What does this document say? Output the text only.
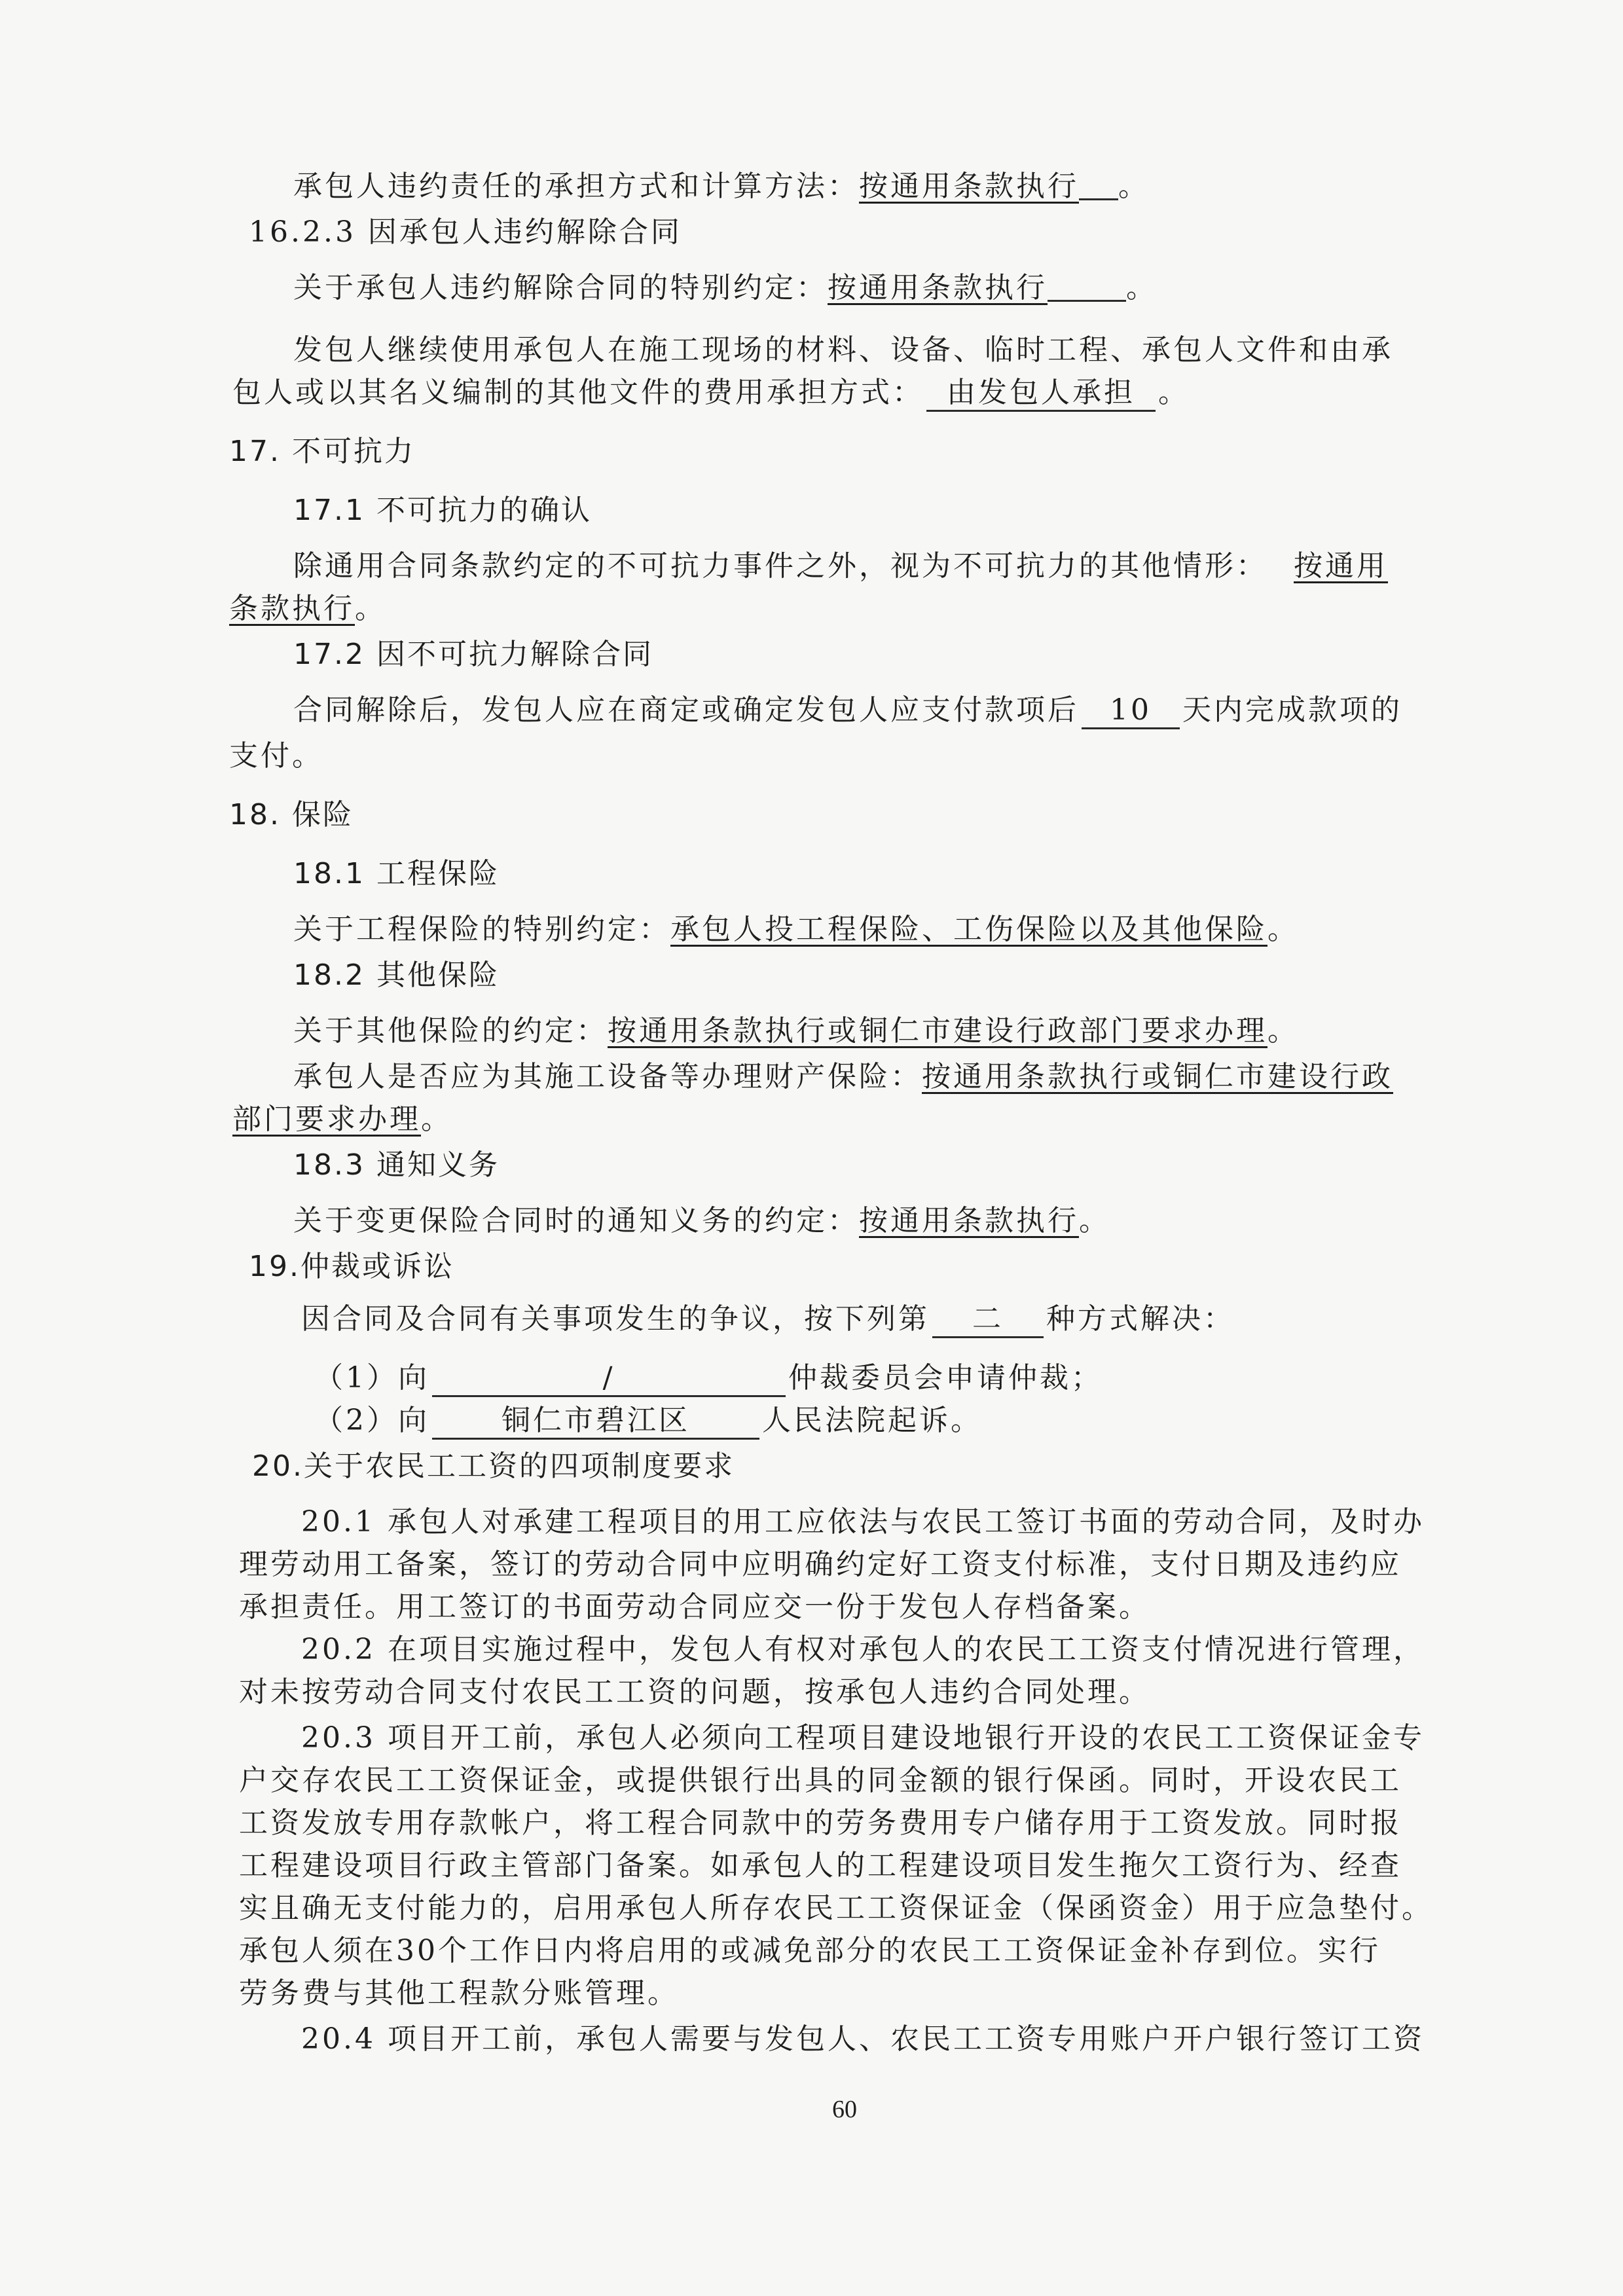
承包人违约责任的承担方式和计算方法：按通用条款执行 。
16.2.3 因承包人违约解除合同
关于承包人违约解除合同的特别约定：按通用条款执行	。
发包人继续使用承包人在施工现场的材料、设备、临时工程、承包人文件和由承
包人或以其名义编制的其他文件的费用承担方式： 由发包人承担 。
17. 不可抗力
17.1 不可抗力的确认
除通用合同条款约定的不可抗力事件之外，视为不可抗力的其他情形： 按通用
条款执行。
17.2 因不可抗力解除合同
合同解除后，发包人应在商定或确定发包人应支付款项后 10 天内完成款项的
支付。
18. 保险
18.1 工程保险
关于工程保险的特别约定：承包人投工程保险、工伤保险以及其他保险。
18.2 其他保险
关于其他保险的约定：按通用条款执行或铜仁市建设行政部门要求办理。
承包人是否应为其施工设备等办理财产保险：按通用条款执行或铜仁市建设行政
部门要求办理。
18.3 通知义务
关于变更保险合同时的通知义务的约定：按通用条款执行。
19.仲裁或诉讼
因合同及合同有关事项发生的争议，按下列第 二 种方式解决：
（1）向	/	仲裁委员会申请仲裁；
（2）向	铜仁市碧江区	人民法院起诉。
20.关于农民工工资的四项制度要求
20.1 承包人对承建工程项目的用工应依法与农民工签订书面的劳动合同，及时办
理劳动用工备案，签订的劳动合同中应明确约定好工资支付标准，支付日期及违约应
承担责任。用工签订的书面劳动合同应交一份于发包人存档备案。
20.2 在项目实施过程中，发包人有权对承包人的农民工工资支付情况进行管理，
对未按劳动合同支付农民工工资的问题，按承包人违约合同处理。
20.3 项目开工前，承包人必须向工程项目建设地银行开设的农民工工资保证金专
户交存农民工工资保证金，或提供银行出具的同金额的银行保函。同时，开设农民工
工资发放专用存款帐户，将工程合同款中的劳务费用专户储存用于工资发放。同时报
工程建设项目行政主管部门备案。如承包人的工程建设项目发生拖欠工资行为、经查
实且确无支付能力的，启用承包人所存农民工工资保证金（保函资金）用于应急垫付。
承包人须在30个工作日内将启用的或减免部分的农民工工资保证金补存到位。实行
劳务费与其他工程款分账管理。
20.4 项目开工前，承包人需要与发包人、农民工工资专用账户开户银行签订工资
60
